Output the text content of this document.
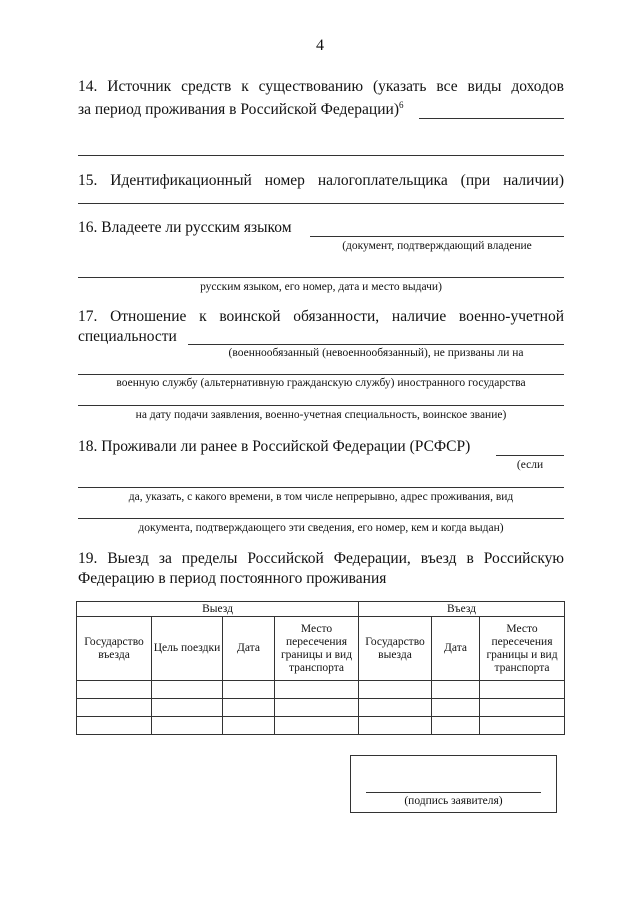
4
14. Источник средств к существованию (указать все виды доходов
за период проживания в Российской Федерации)$^6$
15. Идентификационный номер налогоплательщика (при наличии)
16. Владеете ли русским языком
(документ, подтверждающий владение
русским языком, его номер, дата и место выдачи)
17. Отношение к воинской обязанности, наличие военно-учетной
специальности
(военнообязанный (невоеннообязанный), не призваны ли на
военную службу (альтернативную гражданскую службу) иностранного государства
на дату подачи заявления, военно-учетная специальность, воинское звание)
18. Проживали ли ранее в Российской Федерации (РСФСР)
(если
да, указать, с какого времени, в том числе непрерывно, адрес проживания, вид
документа, подтверждающего эти сведения, его номер, кем и когда выдан)
19. Выезд за пределы Российской Федерации, въезд в Российскую
Федерацию в период постоянного проживания
Выезд				Въезд		
Государство въезда	Цель поездки	Дата	Место пересечения границы и вид транспорта	Государство выезда	Дата	Место пересечения границы и вид транспорта

(подпись заявителя)
